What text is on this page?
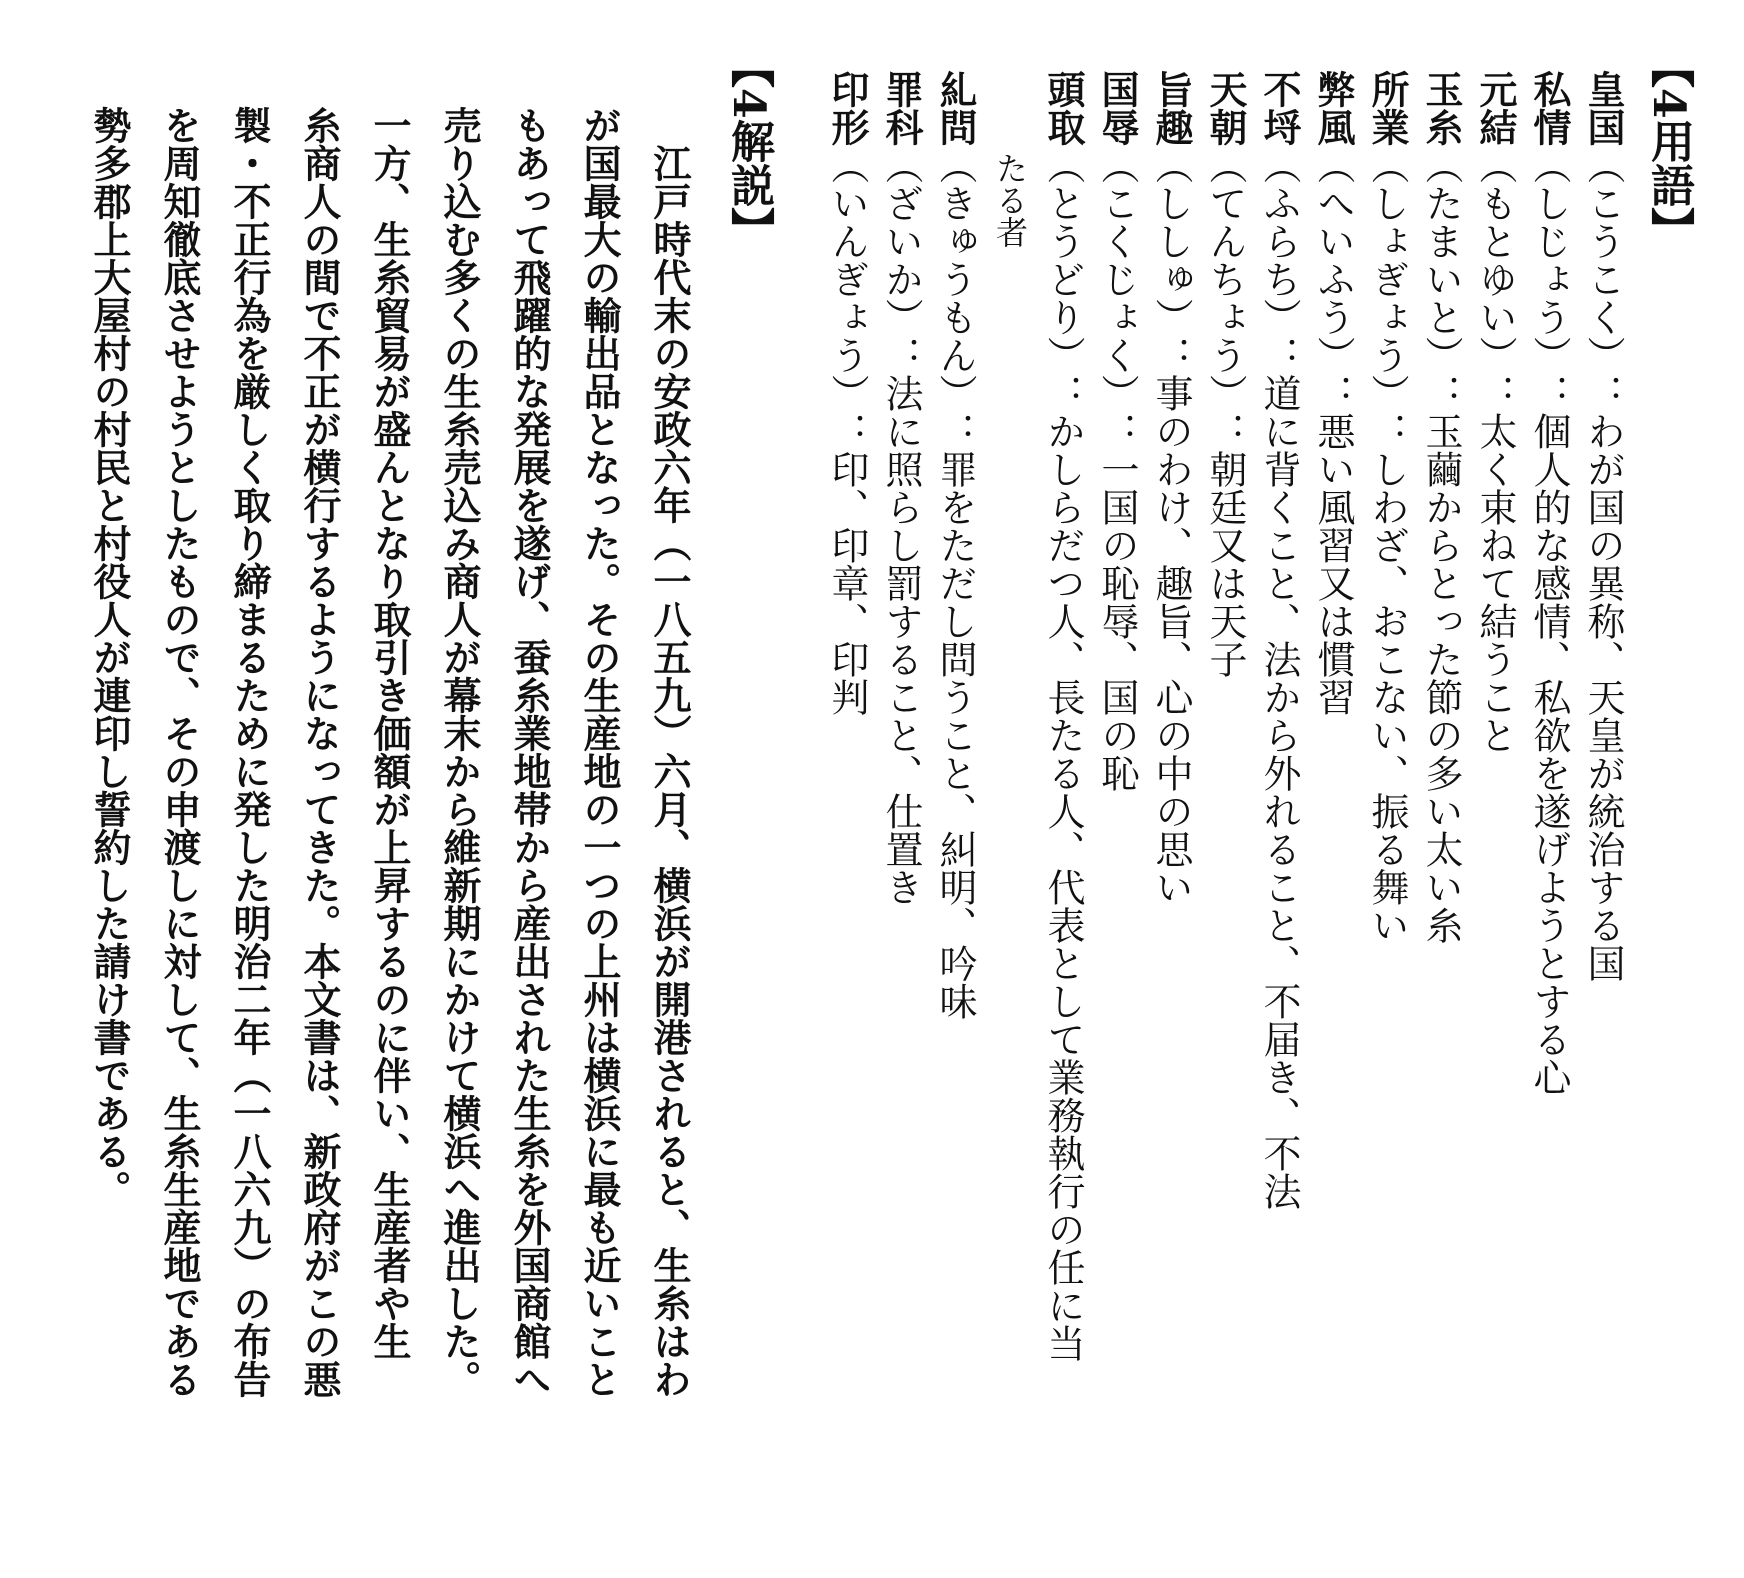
【4用語】
皇国（こうこく）：わが国の異称、天皇が統治する国
私情（しじょう）：個人的な感情、私欲を遂げようとする心
元結（もとゆい）：太く束ねて結うこと
玉糸（たまいと）：玉繭からとった節の多い太い糸
所業（しょぎょう）：しわざ、おこない、振る舞い
弊風（へいふう）：悪い風習又は慣習
不埒（ふらち）：道に背くこと、法から外れること、不届き、不法
天朝（てんちょう）：朝廷又は天子
旨趣（ししゅ）：事のわけ、趣旨、心の中の思い
国辱（こくじょく）：一国の恥辱、国の恥
頭取（とうどり）：かしらだつ人、長たる人、代表として業務執行の任に当
たる者
糺問（きゅうもん）：罪をただし問うこと、糾明、吟味
罪科（ざいか）：法に照らし罰すること、仕置き
印形（いんぎょう）：印、印章、印判
【4解説】
　江戸時代末の安政六年（一八五九）六月、横浜が開港されると、生糸はわ
が国最大の輸出品となった。その生産地の一つの上州は横浜に最も近いこと
もあって飛躍的な発展を遂げ、蚕糸業地帯から産出された生糸を外国商館へ
売り込む多くの生糸売込み商人が幕末から維新期にかけて横浜へ進出した。
一方、生糸貿易が盛んとなり取引き価額が上昇するのに伴い、生産者や生
糸商人の間で不正が横行するようになってきた。本文書は、新政府がこの悪
製・不正行為を厳しく取り締まるために発した明治二年（一八六九）の布告
を周知徹底させようとしたもので、その申渡しに対して、生糸生産地である
勢多郡上大屋村の村民と村役人が連印し誓約した請け書である。
